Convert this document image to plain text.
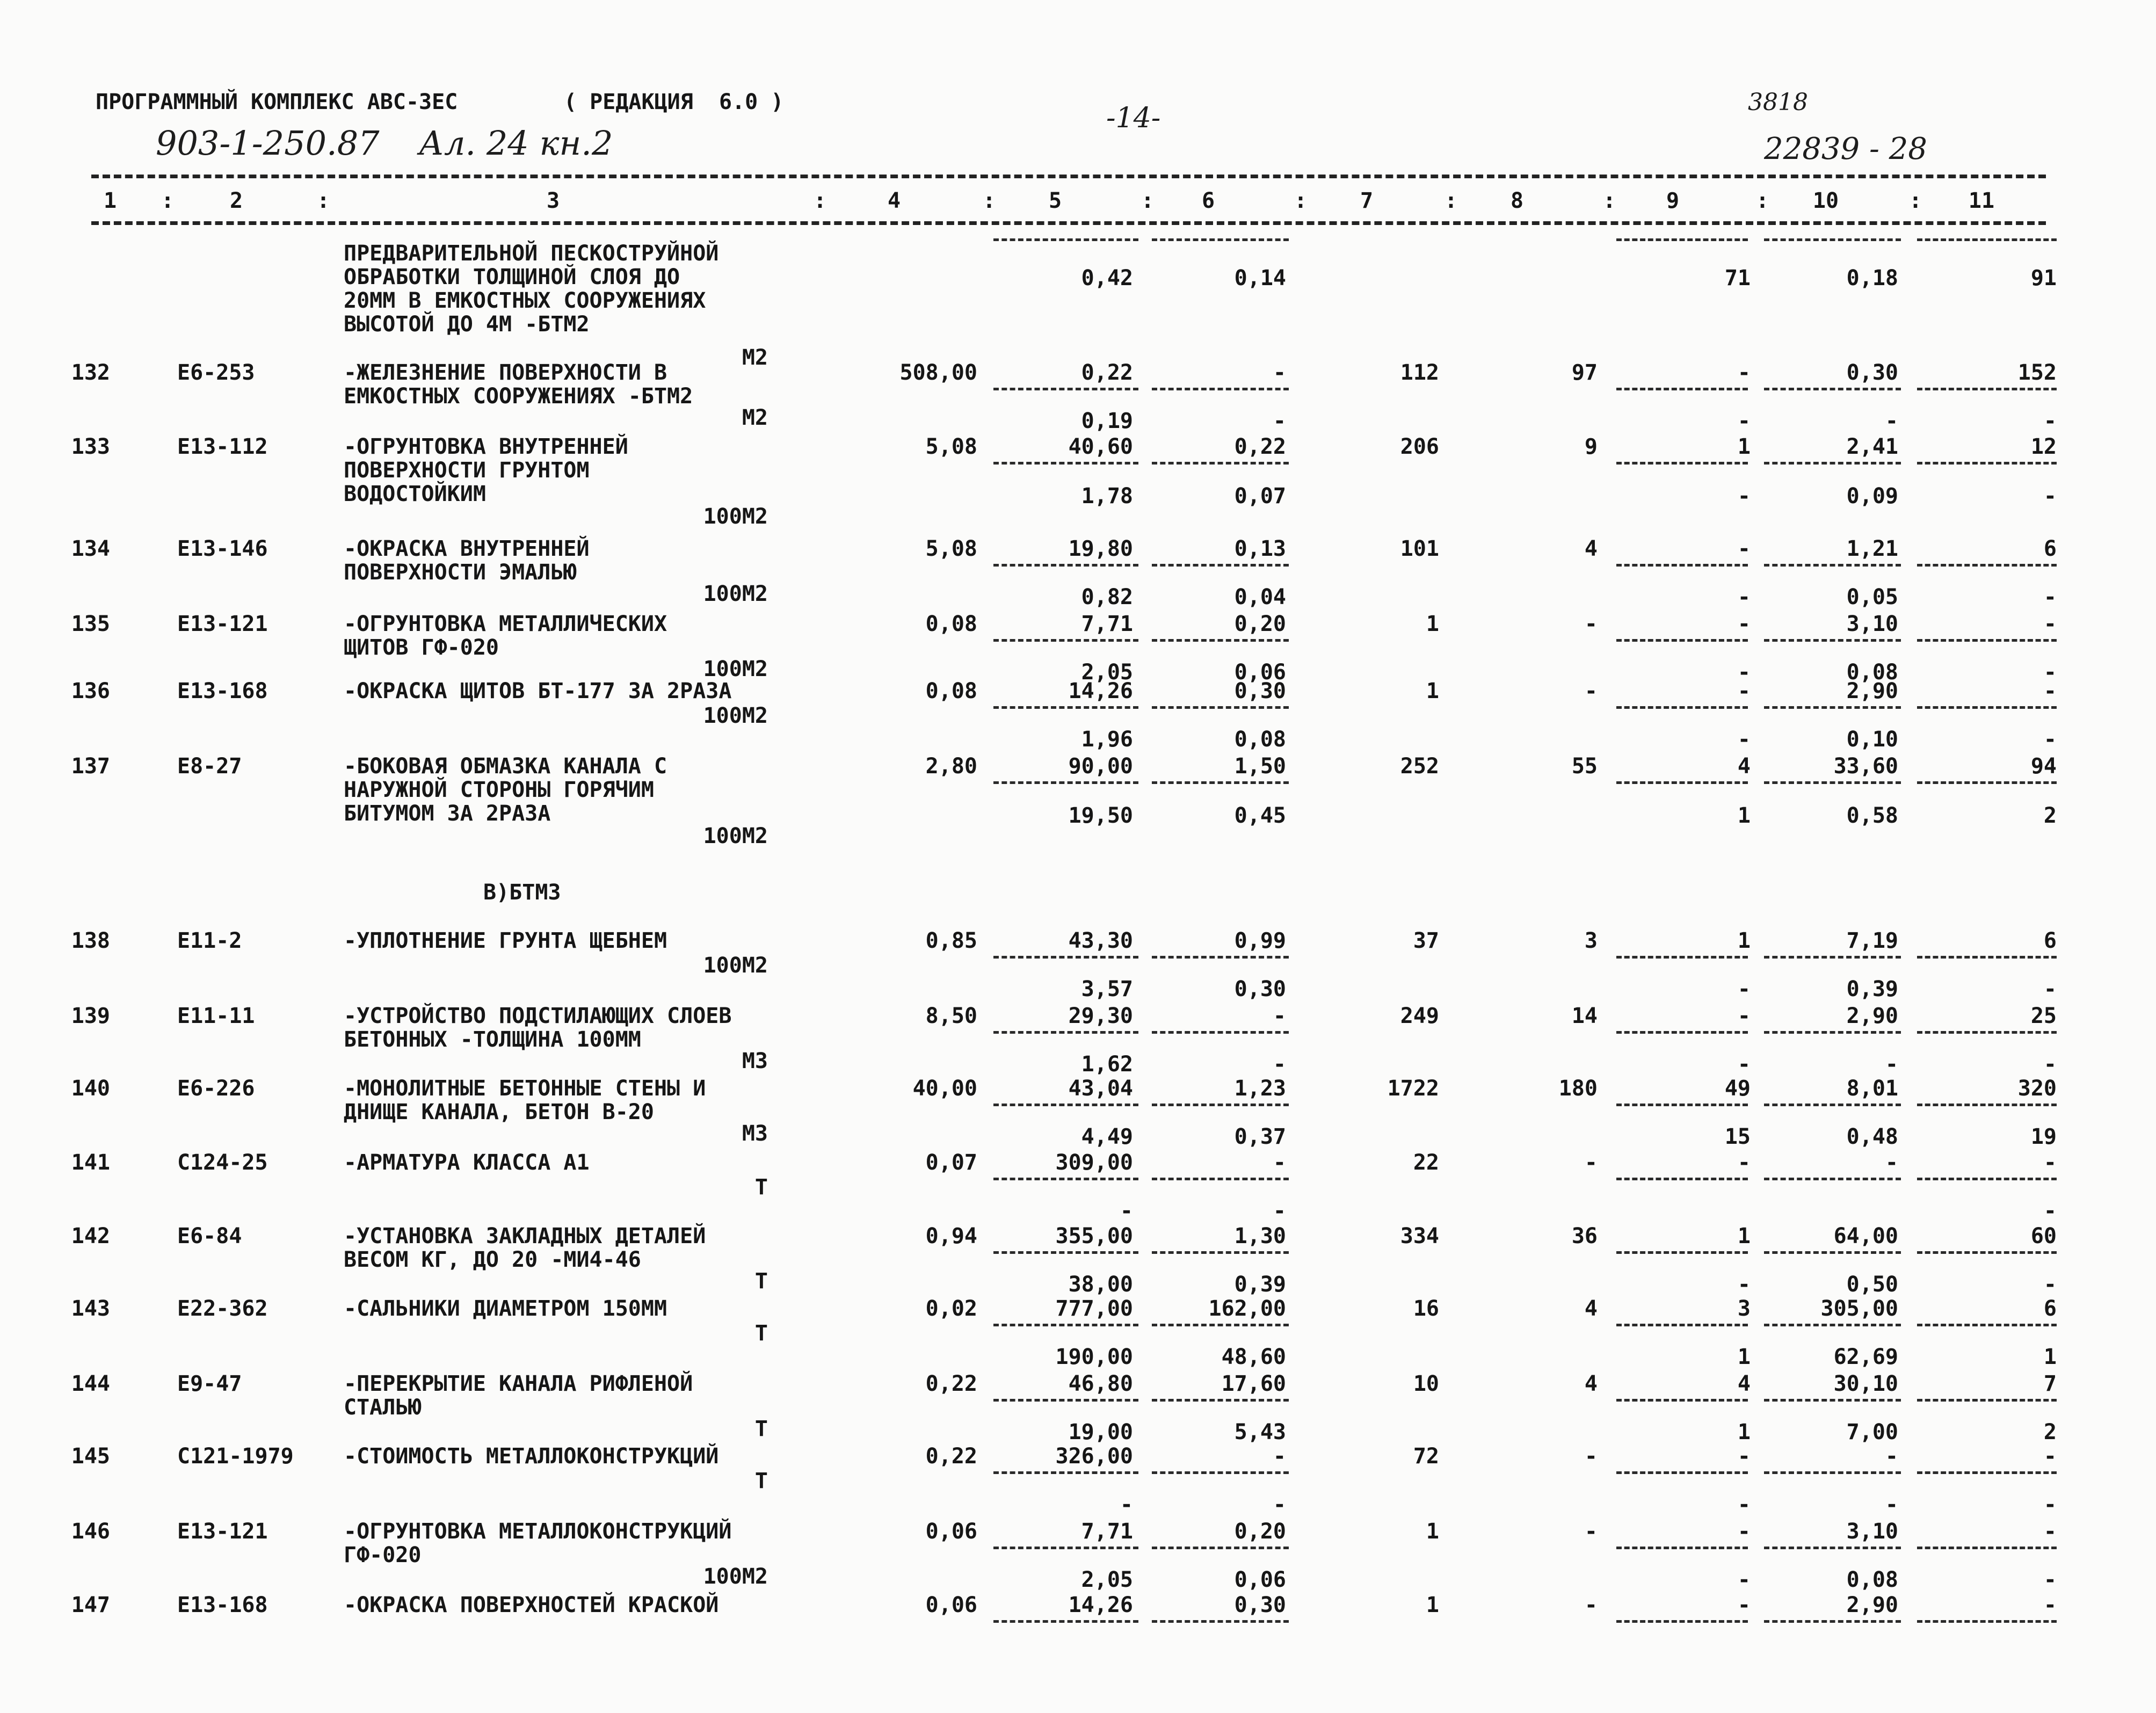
ПРОГРАММНЫЙ КОМПЛЕКС АВС-3ЕС	( РЕДАКЦИЯ  6.0 )	-14-	3818
903-1-250.87 Ал. 24 кн.2	22839 - 28
1	2	3	4	5	6	7	8	9	10	11
:	:	:	:	:	:	:	:	:	:
ПРЕДВАРИТЕЛЬНОЙ ПЕСКОСТРУЙНОЙ
ОБРАБОТКИ ТОЛЩИНОЙ СЛОЯ ДО
20ММ В ЕМКОСТНЫХ СООРУЖЕНИЯХ
ВЫСОТОЙ ДО 4М -БТМ2
0,42	0,14	71	0,18	91
М2
132	Е6-253	-ЖЕЛЕЗНЕНИЕ ПОВЕРХНОСТИ В
ЕМКОСТНЫХ СООРУЖЕНИЯХ -БТМ2
508,00	0,22	-	112	97	-	0,30	152
0,19	-	-	-	-
М2
133	Е13-112	-ОГРУНТОВКА ВНУТРЕННЕЙ
ПОВЕРХНОСТИ ГРУНТОМ
ВОДОСТОЙКИМ
5,08	40,60	0,22	206	9	1	2,41	12
1,78	0,07	-	0,09	-
100М2
134	Е13-146	-ОКРАСКА ВНУТРЕННЕЙ
ПОВЕРХНОСТИ ЭМАЛЬЮ
5,08	19,80	0,13	101	4	-	1,21	6
0,82	0,04	-	0,05	-
100М2
135	Е13-121	-ОГРУНТОВКА МЕТАЛЛИЧЕСКИХ
ЩИТОВ ГФ-020
0,08	7,71	0,20	1	-	-	3,10	-
2,05	0,06	-	0,08	-
100М2
136	Е13-168	-ОКРАСКА ЩИТОВ БТ-177 ЗА 2РАЗА	0,08	14,26	0,30	1	-	-	2,90	-
1,96	0,08	-	0,10	-
100М2
137	Е8-27	-БОКОВАЯ ОБМАЗКА КАНАЛА С
НАРУЖНОЙ СТОРОНЫ ГОРЯЧИМ
БИТУМОМ ЗА 2РАЗА
2,80	90,00	1,50	252	55	4	33,60	94
19,50	0,45	1	0,58	2
100М2
В)БТМ3
138	Е11-2	-УПЛОТНЕНИЕ ГРУНТА ЩЕБНЕМ	0,85	43,30	0,99	37	3	1	7,19	6
3,57	0,30	-	0,39	-
100М2
139	Е11-11	-УСТРОЙСТВО ПОДСТИЛАЮЩИХ СЛОЕВ
БЕТОННЫХ -ТОЛЩИНА 100ММ
8,50	29,30	-	249	14	-	2,90	25
1,62	-	-	-	-
М3
140	Е6-226	-МОНОЛИТНЫЕ БЕТОННЫЕ СТЕНЫ И
ДНИЩЕ КАНАЛА, БЕТОН В-20
40,00	43,04	1,23	1722	180	49	8,01	320
4,49	0,37	15	0,48	19
М3
141	С124-25	-АРМАТУРА КЛАССА А1	0,07	309,00	-	22	-	-	-	-
-	-	-
Т
142	Е6-84	-УСТАНОВКА ЗАКЛАДНЫХ ДЕТАЛЕЙ
ВЕСОМ КГ, ДО 20 -МИ4-46
0,94	355,00	1,30	334	36	1	64,00	60
38,00	0,39	-	0,50	-
Т
143	Е22-362	-САЛЬНИКИ ДИАМЕТРОМ 150ММ	0,02	777,00	162,00	16	4	3	305,00	6
190,00	48,60	1	62,69	1
Т
144	Е9-47	-ПЕРЕКРЫТИЕ КАНАЛА РИФЛЕНОЙ
СТАЛЬЮ
0,22	46,80	17,60	10	4	4	30,10	7
19,00	5,43	1	7,00	2
Т
145	С121-1979 -СТОИМОСТЬ МЕТАЛЛОКОНСТРУКЦИЙ	0,22	326,00	-	72	-	-	-	-
-	-	-	-	-
Т
146	Е13-121	-ОГРУНТОВКА МЕТАЛЛОКОНСТРУКЦИЙ
ГФ-020
0,06	7,71	0,20	1	-	-	3,10	-
2,05	0,06	-	0,08	-
100М2
147	Е13-168	-ОКРАСКА ПОВЕРХНОСТЕЙ КРАСКОЙ	0,06	14,26	0,30	1	-	-	2,90	-
